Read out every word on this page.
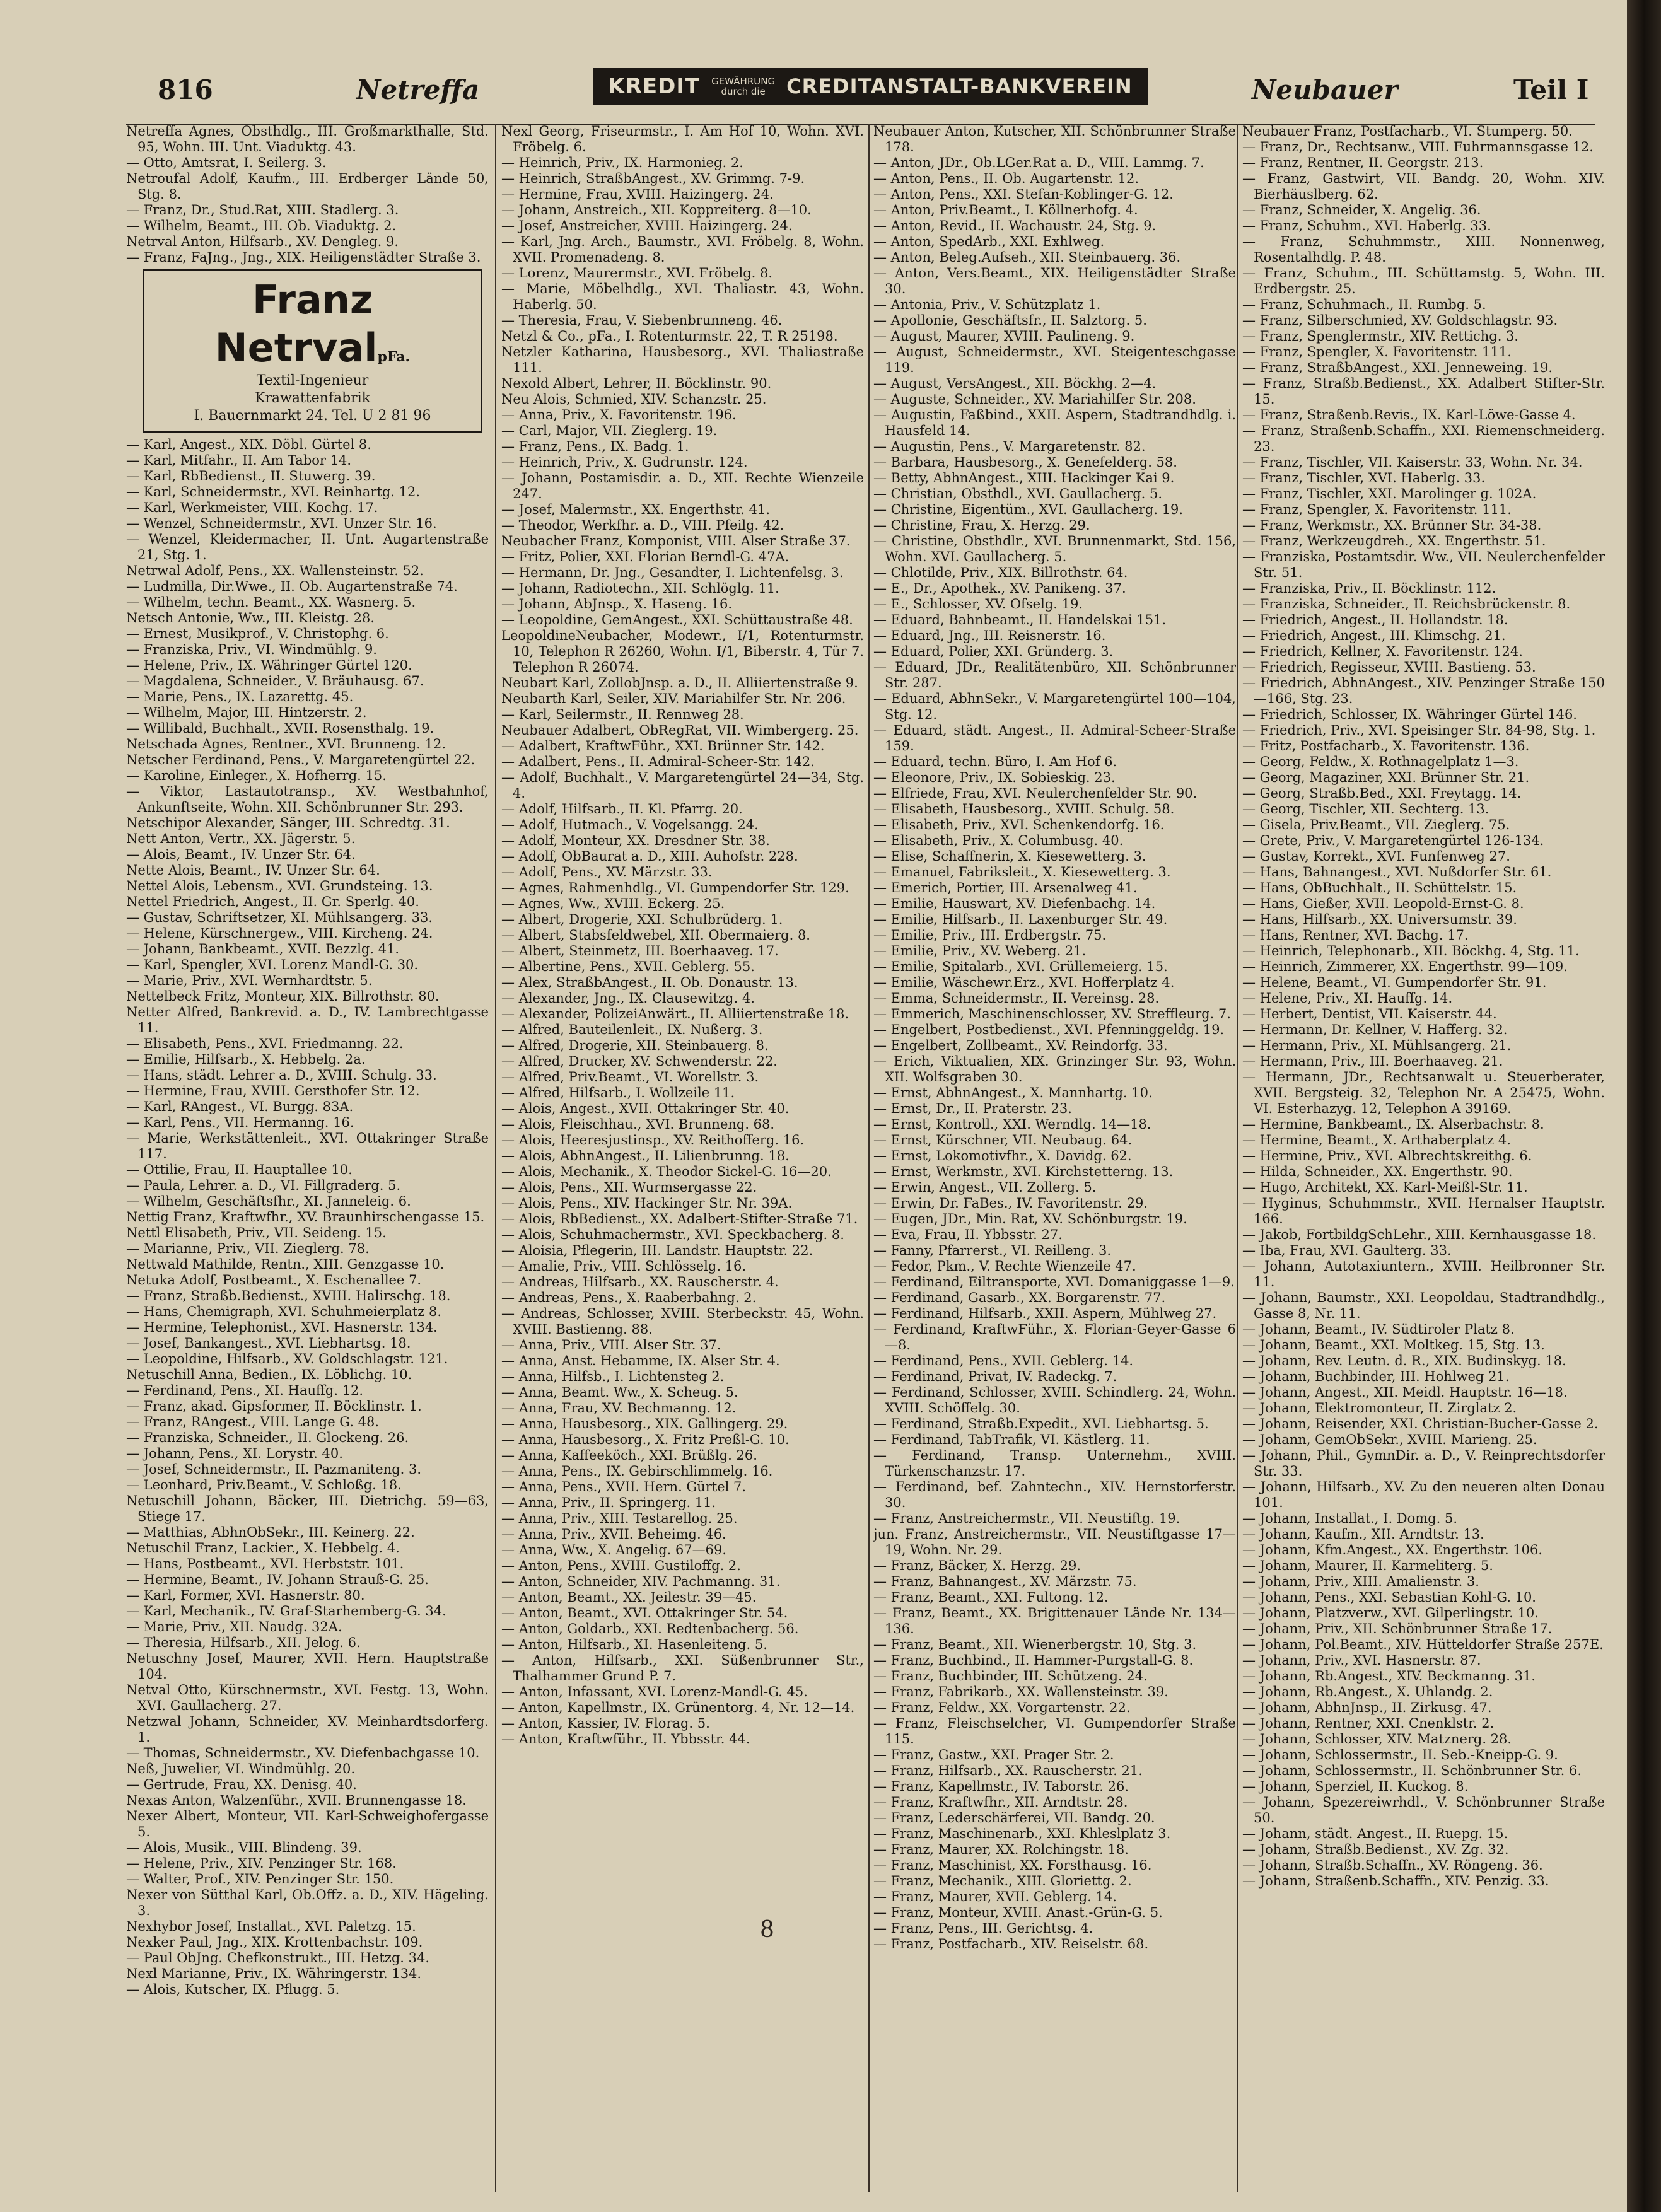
816	Netreffa	KREDIT GEWÄHRUNG
durch die	CREDITANSTALT-BANKVEREIN	Neubauer	Teil I
Netreffa Agnes, Obsthdlg., III. Großmarkthalle, Std. 95, Wohn. III. Unt. Viaduktg. 43.
— Otto, Amtsrat, I. Seilerg. 3.
Netroufal Adolf, Kaufm., III. Erdberger Lände 50, Stg. 8.
— Franz, Dr., Stud.Rat, XIII. Stadlerg. 3.
— Wilhelm, Beamt., III. Ob. Viaduktg. 2.
Netrval Anton, Hilfsarb., XV. Dengleg. 9.
— Franz, FaJng., Jng., XIX. Heiligenstädter Straße 3.
Franz NetrvalpFa.
Textil-Ingenieur
Krawattenfabrik
I. Bauernmarkt 24. Tel. U 2 81 96
— Karl, Angest., XIX. Döbl. Gürtel 8.
— Karl, Mitfahr., II. Am Tabor 14.
— Karl, RbBedienst., II. Stuwerg. 39.
— Karl, Schneidermstr., XVI. Reinhartg. 12.
— Karl, Werkmeister, VIII. Kochg. 17.
— Wenzel, Schneidermstr., XVI. Unzer Str. 16.
— Wenzel, Kleidermacher, II. Unt. Augartenstraße 21, Stg. 1.
Netrwal Adolf, Pens., XX. Wallensteinstr. 52.
— Ludmilla, Dir.Wwe., II. Ob. Augartenstraße 74.
— Wilhelm, techn. Beamt., XX. Wasnerg. 5.
Netsch Antonie, Ww., III. Kleistg. 28.
— Ernest, Musikprof., V. Christophg. 6.
— Franziska, Priv., VI. Windmühlg. 9.
— Helene, Priv., IX. Währinger Gürtel 120.
— Magdalena, Schneider., V. Bräuhausg. 67.
— Marie, Pens., IX. Lazarettg. 45.
— Wilhelm, Major, III. Hintzerstr. 2.
— Willibald, Buchhalt., XVII. Rosensthalg. 19.
Netschada Agnes, Rentner., XVI. Brunneng. 12.
Netscher Ferdinand, Pens., V. Margaretengürtel 22.
— Karoline, Einleger., X. Hofherrg. 15.
— Viktor, Lastautotransp., XV. Westbahnhof, Ankunftseite, Wohn. XII. Schönbrunner Str. 293.
Netschipor Alexander, Sänger, III. Schredtg. 31.
Nett Anton, Vertr., XX. Jägerstr. 5.
— Alois, Beamt., IV. Unzer Str. 64.
Nette Alois, Beamt., IV. Unzer Str. 64.
Nettel Alois, Lebensm., XVI. Grundsteing. 13.
Nettel Friedrich, Angest., II. Gr. Sperlg. 40.
— Gustav, Schriftsetzer, XI. Mühlsangerg. 33.
— Helene, Kürschnergew., VIII. Kircheng. 24.
— Johann, Bankbeamt., XVII. Bezzlg. 41.
— Karl, Spengler, XVI. Lorenz Mandl-G. 30.
— Marie, Priv., XVI. Wernhardtstr. 5.
Nettelbeck Fritz, Monteur, XIX. Billrothstr. 80.
Netter Alfred, Bankrevid. a. D., IV. Lambrechtgasse 11.
— Elisabeth, Pens., XVI. Friedmanng. 22.
— Emilie, Hilfsarb., X. Hebbelg. 2a.
— Hans, städt. Lehrer a. D., XVIII. Schulg. 33.
— Hermine, Frau, XVIII. Gersthofer Str. 12.
— Karl, RAngest., VI. Burgg. 83A.
— Karl, Pens., VII. Hermanng. 16.
— Marie, Werkstättenleit., XVI. Ottakringer Straße 117.
— Ottilie, Frau, II. Hauptallee 10.
— Paula, Lehrer. a. D., VI. Fillgraderg. 5.
— Wilhelm, Geschäftsfhr., XI. Janneleig. 6.
Nettig Franz, Kraftwfhr., XV. Braunhirschengasse 15.
Nettl Elisabeth, Priv., VII. Seideng. 15.
— Marianne, Priv., VII. Zieglerg. 78.
Nettwald Mathilde, Rentn., XIII. Genzgasse 10.
Netuka Adolf, Postbeamt., X. Eschenallee 7.
— Franz, Straßb.Bedienst., XVIII. Halirschg. 18.
— Hans, Chemigraph, XVI. Schuhmeierplatz 8.
— Hermine, Telephonist., XVI. Hasnerstr. 134.
— Josef, Bankangest., XVI. Liebhartsg. 18.
— Leopoldine, Hilfsarb., XV. Goldschlagstr. 121.
Netuschill Anna, Bedien., IX. Löblichg. 10.
— Ferdinand, Pens., XI. Hauffg. 12.
— Franz, akad. Gipsformer, II. Böcklinstr. 1.
— Franz, RAngest., VIII. Lange G. 48.
— Franziska, Schneider., II. Glockeng. 26.
— Johann, Pens., XI. Lorystr. 40.
— Josef, Schneidermstr., II. Pazmaniteng. 3.
— Leonhard, Priv.Beamt., V. Schloßg. 18.
Netuschill Johann, Bäcker, III. Dietrichg. 59—63, Stiege 17.
— Matthias, AbhnObSekr., III. Keinerg. 22.
Netuschil Franz, Lackier., X. Hebbelg. 4.
— Hans, Postbeamt., XVI. Herbststr. 101.
— Hermine, Beamt., IV. Johann Strauß-G. 25.
— Karl, Former, XVI. Hasnerstr. 80.
— Karl, Mechanik., IV. Graf-Starhemberg-G. 34.
— Marie, Priv., XII. Naudg. 32A.
— Theresia, Hilfsarb., XII. Jelog. 6.
Netuschny Josef, Maurer, XVII. Hern. Hauptstraße 104.
Netval Otto, Kürschnermstr., XVI. Festg. 13, Wohn. XVI. Gaullacherg. 27.
Netzwal Johann, Schneider, XV. Meinhardtsdorferg. 1.
— Thomas, Schneidermstr., XV. Diefenbachgasse 10.
Neß, Juwelier, VI. Windmühlg. 20.
— Gertrude, Frau, XX. Denisg. 40.
Nexas Anton, Walzenführ., XVII. Brunnengasse 18.
Nexer Albert, Monteur, VII. Karl-Schweighofergasse 5.
— Alois, Musik., VIII. Blindeng. 39.
— Helene, Priv., XIV. Penzinger Str. 168.
— Walter, Prof., XIV. Penzinger Str. 150.
Nexer von Sütthal Karl, Ob.Offz. a. D., XIV. Hägeling. 3.
Nexhybor Josef, Installat., XVI. Paletzg. 15.
Nexker Paul, Jng., XIX. Krottenbachstr. 109.
— Paul ObJng. Chefkonstrukt., III. Hetzg. 34.
Nexl Marianne, Priv., IX. Währingerstr. 134.
— Alois, Kutscher, IX. Pflugg. 5.
Nexl Georg, Friseurmstr., I. Am Hof 10, Wohn. XVI. Fröbelg. 6.
— Heinrich, Priv., IX. Harmonieg. 2.
— Heinrich, StraßbAngest., XV. Grimmg. 7-9.
— Hermine, Frau, XVIII. Haizingerg. 24.
— Johann, Anstreich., XII. Koppreiterg. 8—10.
— Josef, Anstreicher, XVIII. Haizingerg. 24.
— Karl, Jng. Arch., Baumstr., XVI. Fröbelg. 8, Wohn. XVII. Promenadeng. 8.
— Lorenz, Maurermstr., XVI. Fröbelg. 8.
— Marie, Möbelhdlg., XVI. Thaliastr. 43, Wohn. Haberlg. 50.
— Theresia, Frau, V. Siebenbrunneng. 46.
Netzl & Co., pFa., I. Rotenturmstr. 22, T. R 25198.
Netzler Katharina, Hausbesorg., XVI. Thaliastraße 111.
Nexold Albert, Lehrer, II. Böcklinstr. 90.
Neu Alois, Schmied, XIV. Schanzstr. 25.
— Anna, Priv., X. Favoritenstr. 196.
— Carl, Major, VII. Zieglerg. 19.
— Franz, Pens., IX. Badg. 1.
— Heinrich, Priv., X. Gudrunstr. 124.
— Johann, Postamisdir. a. D., XII. Rechte Wienzeile 247.
— Josef, Malermstr., XX. Engerthstr. 41.
— Theodor, Werkfhr. a. D., VIII. Pfeilg. 42.
Neubacher Franz, Komponist, VIII. Alser Straße 37.
— Fritz, Polier, XXI. Florian Berndl-G. 47A.
— Hermann, Dr. Jng., Gesandter, I. Lichtenfelsg. 3.
— Johann, Radiotechn., XII. Schlöglg. 11.
— Johann, AbJnsp., X. Haseng. 16.
— Leopoldine, GemAngest., XXI. Schüttaustraße 48.
LeopoldineNeubacher, Modewr., I/1, Rotenturmstr. 10, Telephon R 26260, Wohn. I/1, Biberstr. 4, Tür 7. Telephon R 26074.
Neubart Karl, ZollobJnsp. a. D., II. Alliiertenstraße 9.
Neubarth Karl, Seiler, XIV. Mariahilfer Str. Nr. 206.
— Karl, Seilermstr., II. Rennweg 28.
Neubauer Adalbert, ObRegRat, VII. Wimbergerg. 25.
— Adalbert, KraftwFühr., XXI. Brünner Str. 142.
— Adalbert, Pens., II. Admiral-Scheer-Str. 142.
— Adolf, Buchhalt., V. Margaretengürtel 24—34, Stg. 4.
— Adolf, Hilfsarb., II. Kl. Pfarrg. 20.
— Adolf, Hutmach., V. Vogelsangg. 24.
— Adolf, Monteur, XX. Dresdner Str. 38.
— Adolf, ObBaurat a. D., XIII. Auhofstr. 228.
— Adolf, Pens., XV. Märzstr. 33.
— Agnes, Rahmenhdlg., VI. Gumpendorfer Str. 129.
— Agnes, Ww., XVIII. Eckerg. 25.
— Albert, Drogerie, XXI. Schulbrüderg. 1.
— Albert, Stabsfeldwebel, XII. Obermaierg. 8.
— Albert, Steinmetz, III. Boerhaaveg. 17.
— Albertine, Pens., XVII. Geblerg. 55.
— Alex, StraßbAngest., II. Ob. Donaustr. 13.
— Alexander, Jng., IX. Clausewitzg. 4.
— Alexander, PolizeiAnwärt., II. Alliiertenstraße 18.
— Alfred, Bauteilenleit., IX. Nußerg. 3.
— Alfred, Drogerie, XII. Steinbauerg. 8.
— Alfred, Drucker, XV. Schwenderstr. 22.
— Alfred, Priv.Beamt., VI. Worellstr. 3.
— Alfred, Hilfsarb., I. Wollzeile 11.
— Alois, Angest., XVII. Ottakringer Str. 40.
— Alois, Fleischhau., XVI. Brunneng. 68.
— Alois, Heeresjustinsp., XV. Reithofferg. 16.
— Alois, AbhnAngest., II. Lilienbrunng. 18.
— Alois, Mechanik., X. Theodor Sickel-G. 16—20.
— Alois, Pens., XII. Wurmsergasse 22.
— Alois, Pens., XIV. Hackinger Str. Nr. 39A.
— Alois, RbBedienst., XX. Adalbert-Stifter-Straße 71.
— Alois, Schuhmachermstr., XVI. Speckbacherg. 8.
— Aloisia, Pflegerin, III. Landstr. Hauptstr. 22.
— Amalie, Priv., VIII. Schlösselg. 16.
— Andreas, Hilfsarb., XX. Rauscherstr. 4.
— Andreas, Pens., X. Raaberbahng. 2.
— Andreas, Schlosser, XVIII. Sterbeckstr. 45, Wohn. XVIII. Bastienng. 88.
— Anna, Priv., VIII. Alser Str. 37.
— Anna, Anst. Hebamme, IX. Alser Str. 4.
— Anna, Hilfsb., I. Lichtensteg 2.
— Anna, Beamt. Ww., X. Scheug. 5.
— Anna, Frau, XV. Bechmanng. 12.
— Anna, Hausbesorg., XIX. Gallingerg. 29.
— Anna, Hausbesorg., X. Fritz Preßl-G. 10.
— Anna, Kaffeeköch., XXI. Brüßlg. 26.
— Anna, Pens., IX. Gebirschlimmelg. 16.
— Anna, Pens., XVII. Hern. Gürtel 7.
— Anna, Priv., II. Springerg. 11.
— Anna, Priv., XIII. Testarellog. 25.
— Anna, Priv., XVII. Beheimg. 46.
— Anna, Ww., X. Angelig. 67—69.
— Anton, Pens., XVIII. Gustiloffg. 2.
— Anton, Schneider, XIV. Pachmanng. 31.
— Anton, Beamt., XX. Jeilestr. 39—45.
— Anton, Beamt., XVI. Ottakringer Str. 54.
— Anton, Goldarb., XXI. Redtenbacherg. 56.
— Anton, Hilfsarb., XI. Hasenleiteng. 5.
— Anton, Hilfsarb., XXI. Süßenbrunner Str., Thalhammer Grund P. 7.
— Anton, Infassant, XVI. Lorenz-Mandl-G. 45.
— Anton, Kapellmstr., IX. Grünentorg. 4, Nr. 12—14.
— Anton, Kassier, IV. Florag. 5.
— Anton, Kraftwführ., II. Ybbsstr. 44.
Neubauer Anton, Kutscher, XII. Schönbrunner Straße 178.
— Anton, JDr., Ob.LGer.Rat a. D., VIII. Lammg. 7.
— Anton, Pens., II. Ob. Augartenstr. 12.
— Anton, Pens., XXI. Stefan-Koblinger-G. 12.
— Anton, Priv.Beamt., I. Köllnerhofg. 4.
— Anton, Revid., II. Wachaustr. 24, Stg. 9.
— Anton, SpedArb., XXI. Exhlweg.
— Anton, Beleg.Aufseh., XII. Steinbauerg. 36.
— Anton, Vers.Beamt., XIX. Heiligenstädter Straße 30.
— Antonia, Priv., V. Schützplatz 1.
— Apollonie, Geschäftsfr., II. Salztorg. 5.
— August, Maurer, XVIII. Paulineng. 9.
— August, Schneidermstr., XVI. Steigenteschgasse 119.
— August, VersAngest., XII. Böckhg. 2—4.
— Auguste, Schneider., XV. Mariahilfer Str. 208.
— Augustin, Faßbind., XXII. Aspern, Stadtrandhdlg. i. Hausfeld 14.
— Augustin, Pens., V. Margaretenstr. 82.
— Barbara, Hausbesorg., X. Genefelderg. 58.
— Betty, AbhnAngest., XIII. Hackinger Kai 9.
— Christian, Obsthdl., XVI. Gaullacherg. 5.
— Christine, Eigentüm., XVI. Gaullacherg. 19.
— Christine, Frau, X. Herzg. 29.
— Christine, Obsthdlr., XVI. Brunnenmarkt, Std. 156, Wohn. XVI. Gaullacherg. 5.
— Chlotilde, Priv., XIX. Billrothstr. 64.
— E., Dr., Apothek., XV. Panikeng. 37.
— E., Schlosser, XV. Ofselg. 19.
— Eduard, Bahnbeamt., II. Handelskai 151.
— Eduard, Jng., III. Reisnerstr. 16.
— Eduard, Polier, XXI. Gründerg. 3.
— Eduard, JDr., Realitätenbüro, XII. Schönbrunner Str. 287.
— Eduard, AbhnSekr., V. Margaretengürtel 100—104, Stg. 12.
— Eduard, städt. Angest., II. Admiral-Scheer-Straße 159.
— Eduard, techn. Büro, I. Am Hof 6.
— Eleonore, Priv., IX. Sobieskig. 23.
— Elfriede, Frau, XVI. Neulerchenfelder Str. 90.
— Elisabeth, Hausbesorg., XVIII. Schulg. 58.
— Elisabeth, Priv., XVI. Schenkendorfg. 16.
— Elisabeth, Priv., X. Columbusg. 40.
— Elise, Schaffnerin, X. Kiesewetterg. 3.
— Emanuel, Fabriksleit., X. Kiesewetterg. 3.
— Emerich, Portier, III. Arsenalweg 41.
— Emilie, Hauswart, XV. Diefenbachg. 14.
— Emilie, Hilfsarb., II. Laxenburger Str. 49.
— Emilie, Priv., III. Erdbergstr. 75.
— Emilie, Priv., XV. Weberg. 21.
— Emilie, Spitalarb., XVI. Grüllemeierg. 15.
— Emilie, Wäschewr.Erz., XVI. Hofferplatz 4.
— Emma, Schneidermstr., II. Vereinsg. 28.
— Emmerich, Maschinenschlosser, XV. Streffleurg. 7.
— Engelbert, Postbedienst., XVI. Pfenninggeldg. 19.
— Engelbert, Zollbeamt., XV. Reindorfg. 33.
— Erich, Viktualien, XIX. Grinzinger Str. 93, Wohn. XII. Wolfsgraben 30.
— Ernst, AbhnAngest., X. Mannhartg. 10.
— Ernst, Dr., II. Praterstr. 23.
— Ernst, Kontroll., XXI. Werndlg. 14—18.
— Ernst, Kürschner, VII. Neubaug. 64.
— Ernst, Lokomotivfhr., X. Davidg. 62.
— Ernst, Werkmstr., XVI. Kirchstetterng. 13.
— Erwin, Angest., VII. Zollerg. 5.
— Erwin, Dr. FaBes., IV. Favoritenstr. 29.
— Eugen, JDr., Min. Rat, XV. Schönburgstr. 19.
— Eva, Frau, II. Ybbsstr. 27.
— Fanny, Pfarrerst., VI. Reilleng. 3.
— Fedor, Pkm., V. Rechte Wienzeile 47.
— Ferdinand, Eiltransporte, XVI. Domaniggasse 1—9.
— Ferdinand, Gasarb., XX. Borgarenstr. 77.
— Ferdinand, Hilfsarb., XXII. Aspern, Mühlweg 27.
— Ferdinand, KraftwFühr., X. Florian-Geyer-Gasse 6—8.
— Ferdinand, Pens., XVII. Geblerg. 14.
— Ferdinand, Privat, IV. Radeckg. 7.
— Ferdinand, Schlosser, XVIII. Schindlerg. 24, Wohn. XVIII. Schöffelg. 30.
— Ferdinand, Straßb.Expedit., XVI. Liebhartsg. 5.
— Ferdinand, TabTrafik, VI. Kästlerg. 11.
— Ferdinand, Transp. Unternehm., XVIII. Türkenschanzstr. 17.
— Ferdinand, bef. Zahntechn., XIV. Hernstorferstr. 30.
— Franz, Anstreichermstr., VII. Neustiftg. 19.
jun. Franz, Anstreichermstr., VII. Neustiftgasse 17—19, Wohn. Nr. 29.
— Franz, Bäcker, X. Herzg. 29.
— Franz, Bahnangest., XV. Märzstr. 75.
— Franz, Beamt., XXI. Fultong. 12.
— Franz, Beamt., XX. Brigittenauer Lände Nr. 134—136.
— Franz, Beamt., XII. Wienerbergstr. 10, Stg. 3.
— Franz, Buchbind., II. Hammer-Purgstall-G. 8.
— Franz, Buchbinder, III. Schützeng. 24.
— Franz, Fabrikarb., XX. Wallensteinstr. 39.
— Franz, Feldw., XX. Vorgartenstr. 22.
— Franz, Fleischselcher, VI. Gumpendorfer Straße 115.
— Franz, Gastw., XXI. Prager Str. 2.
— Franz, Hilfsarb., XX. Rauscherstr. 21.
— Franz, Kapellmstr., IV. Taborstr. 26.
— Franz, Kraftwfhr., XII. Arndtstr. 28.
— Franz, Lederschärferei, VII. Bandg. 20.
— Franz, Maschinenarb., XXI. Khleslplatz 3.
— Franz, Maurer, XX. Rolchingstr. 18.
— Franz, Maschinist, XX. Forsthausg. 16.
— Franz, Mechanik., XIII. Gloriettg. 2.
— Franz, Maurer, XVII. Geblerg. 14.
— Franz, Monteur, XVIII. Anast.-Grün-G. 5.
— Franz, Pens., III. Gerichtsg. 4.
— Franz, Postfacharb., XIV. Reiselstr. 68.
Neubauer Franz, Postfacharb., VI. Stumperg. 50.
— Franz, Dr., Rechtsanw., VIII. Fuhrmannsgasse 12.
— Franz, Rentner, II. Georgstr. 213.
— Franz, Gastwirt, VII. Bandg. 20, Wohn. XIV. Bierhäuslberg. 62.
— Franz, Schneider, X. Angelig. 36.
— Franz, Schuhm., XVI. Haberlg. 33.
— Franz, Schuhmmstr., XIII. Nonnenweg, Rosentalhdlg. P. 48.
— Franz, Schuhm., III. Schüttamstg. 5, Wohn. III. Erdbergstr. 25.
— Franz, Schuhmach., II. Rumbg. 5.
— Franz, Silberschmied, XV. Goldschlagstr. 93.
— Franz, Spenglermstr., XIV. Rettichg. 3.
— Franz, Spengler, X. Favoritenstr. 111.
— Franz, StraßbAngest., XXI. Jenneweing. 19.
— Franz, Straßb.Bedienst., XX. Adalbert Stifter-Str. 15.
— Franz, Straßenb.Revis., IX. Karl-Löwe-Gasse 4.
— Franz, Straßenb.Schaffn., XXI. Riemenschneiderg. 23.
— Franz, Tischler, VII. Kaiserstr. 33, Wohn. Nr. 34.
— Franz, Tischler, XVI. Haberlg. 33.
— Franz, Tischler, XXI. Marolinger g. 102A.
— Franz, Spengler, X. Favoritenstr. 111.
— Franz, Werkmstr., XX. Brünner Str. 34-38.
— Franz, Werkzeugdreh., XX. Engerthstr. 51.
— Franziska, Postamtsdir. Ww., VII. Neulerchenfelder Str. 51.
— Franziska, Priv., II. Böcklinstr. 112.
— Franziska, Schneider., II. Reichsbrückenstr. 8.
— Friedrich, Angest., II. Hollandstr. 18.
— Friedrich, Angest., III. Klimschg. 21.
— Friedrich, Kellner, X. Favoritenstr. 124.
— Friedrich, Regisseur, XVIII. Bastieng. 53.
— Friedrich, AbhnAngest., XIV. Penzinger Straße 150—166, Stg. 23.
— Friedrich, Schlosser, IX. Währinger Gürtel 146.
— Friedrich, Priv., XVI. Speisinger Str. 84-98, Stg. 1.
— Fritz, Postfacharb., X. Favoritenstr. 136.
— Georg, Feldw., X. Rothnagelplatz 1—3.
— Georg, Magaziner, XXI. Brünner Str. 21.
— Georg, Straßb.Bed., XXI. Freytagg. 14.
— Georg, Tischler, XII. Sechterg. 13.
— Gisela, Priv.Beamt., VII. Zieglerg. 75.
— Grete, Priv., V. Margaretengürtel 126-134.
— Gustav, Korrekt., XVI. Funfenweg 27.
— Hans, Bahnangest., XVI. Nußdorfer Str. 61.
— Hans, ObBuchhalt., II. Schüttelstr. 15.
— Hans, Gießer, XVII. Leopold-Ernst-G. 8.
— Hans, Hilfsarb., XX. Universumstr. 39.
— Hans, Rentner, XVI. Bachg. 17.
— Heinrich, Telephonarb., XII. Böckhg. 4, Stg. 11.
— Heinrich, Zimmerer, XX. Engerthstr. 99—109.
— Helene, Beamt., VI. Gumpendorfer Str. 91.
— Helene, Priv., XI. Hauffg. 14.
— Herbert, Dentist, VII. Kaiserstr. 44.
— Hermann, Dr. Kellner, V. Hafferg. 32.
— Hermann, Priv., XI. Mühlsangerg. 21.
— Hermann, Priv., III. Boerhaaveg. 21.
— Hermann, JDr., Rechtsanwalt u. Steuerberater, XVII. Bergsteig. 32, Telephon Nr. A 25475, Wohn. VI. Esterhazyg. 12, Telephon A 39169.
— Hermine, Bankbeamt., IX. Alserbachstr. 8.
— Hermine, Beamt., X. Arthaberplatz 4.
— Hermine, Priv., XVI. Albrechtskreithg. 6.
— Hilda, Schneider., XX. Engerthstr. 90.
— Hugo, Architekt, XX. Karl-Meißl-Str. 11.
— Hyginus, Schuhmmstr., XVII. Hernalser Hauptstr. 166.
— Jakob, FortbildgSchLehr., XIII. Kernhausgasse 18.
— Iba, Frau, XVI. Gaulterg. 33.
— Johann, Autotaxiuntern., XVIII. Heilbronner Str. 11.
— Johann, Baumstr., XXI. Leopoldau, Stadtrandhdlg., Gasse 8, Nr. 11.
— Johann, Beamt., IV. Südtiroler Platz 8.
— Johann, Beamt., XXI. Moltkeg. 15, Stg. 13.
— Johann, Rev. Leutn. d. R., XIX. Budinskyg. 18.
— Johann, Buchbinder, III. Hohlweg 21.
— Johann, Angest., XII. Meidl. Hauptstr. 16—18.
— Johann, Elektromonteur, II. Zirglatz 2.
— Johann, Reisender, XXI. Christian-Bucher-Gasse 2.
— Johann, GemObSekr., XVIII. Marieng. 25.
— Johann, Phil., GymnDir. a. D., V. Reinprechtsdorfer Str. 33.
— Johann, Hilfsarb., XV. Zu den neueren alten Donau 101.
— Johann, Installat., I. Domg. 5.
— Johann, Kaufm., XII. Arndtstr. 13.
— Johann, Kfm.Angest., XX. Engerthstr. 106.
— Johann, Maurer, II. Karmeliterg. 5.
— Johann, Priv., XIII. Amalienstr. 3.
— Johann, Pens., XXI. Sebastian Kohl-G. 10.
— Johann, Platzverw., XVI. Gilperlingstr. 10.
— Johann, Priv., XII. Schönbrunner Straße 17.
— Johann, Pol.Beamt., XIV. Hütteldorfer Straße 257E.
— Johann, Priv., XVI. Hasnerstr. 87.
— Johann, Rb.Angest., XIV. Beckmanng. 31.
— Johann, Rb.Angest., X. Uhlandg. 2.
— Johann, AbhnJnsp., II. Zirkusg. 47.
— Johann, Rentner, XXI. Cnenklstr. 2.
— Johann, Schlosser, XIV. Matznerg. 28.
— Johann, Schlossermstr., II. Seb.-Kneipp-G. 9.
— Johann, Schlossermstr., II. Schönbrunner Str. 6.
— Johann, Sperziel, II. Kuckog. 8.
— Johann, Spezereiwrhdl., V. Schönbrunner Straße 50.
— Johann, städt. Angest., II. Ruepg. 15.
— Johann, Straßb.Bedienst., XV. Zg. 32.
— Johann, Straßb.Schaffn., XV. Röngeng. 36.
— Johann, Straßenb.Schaffn., XIV. Penzig. 33.
8
